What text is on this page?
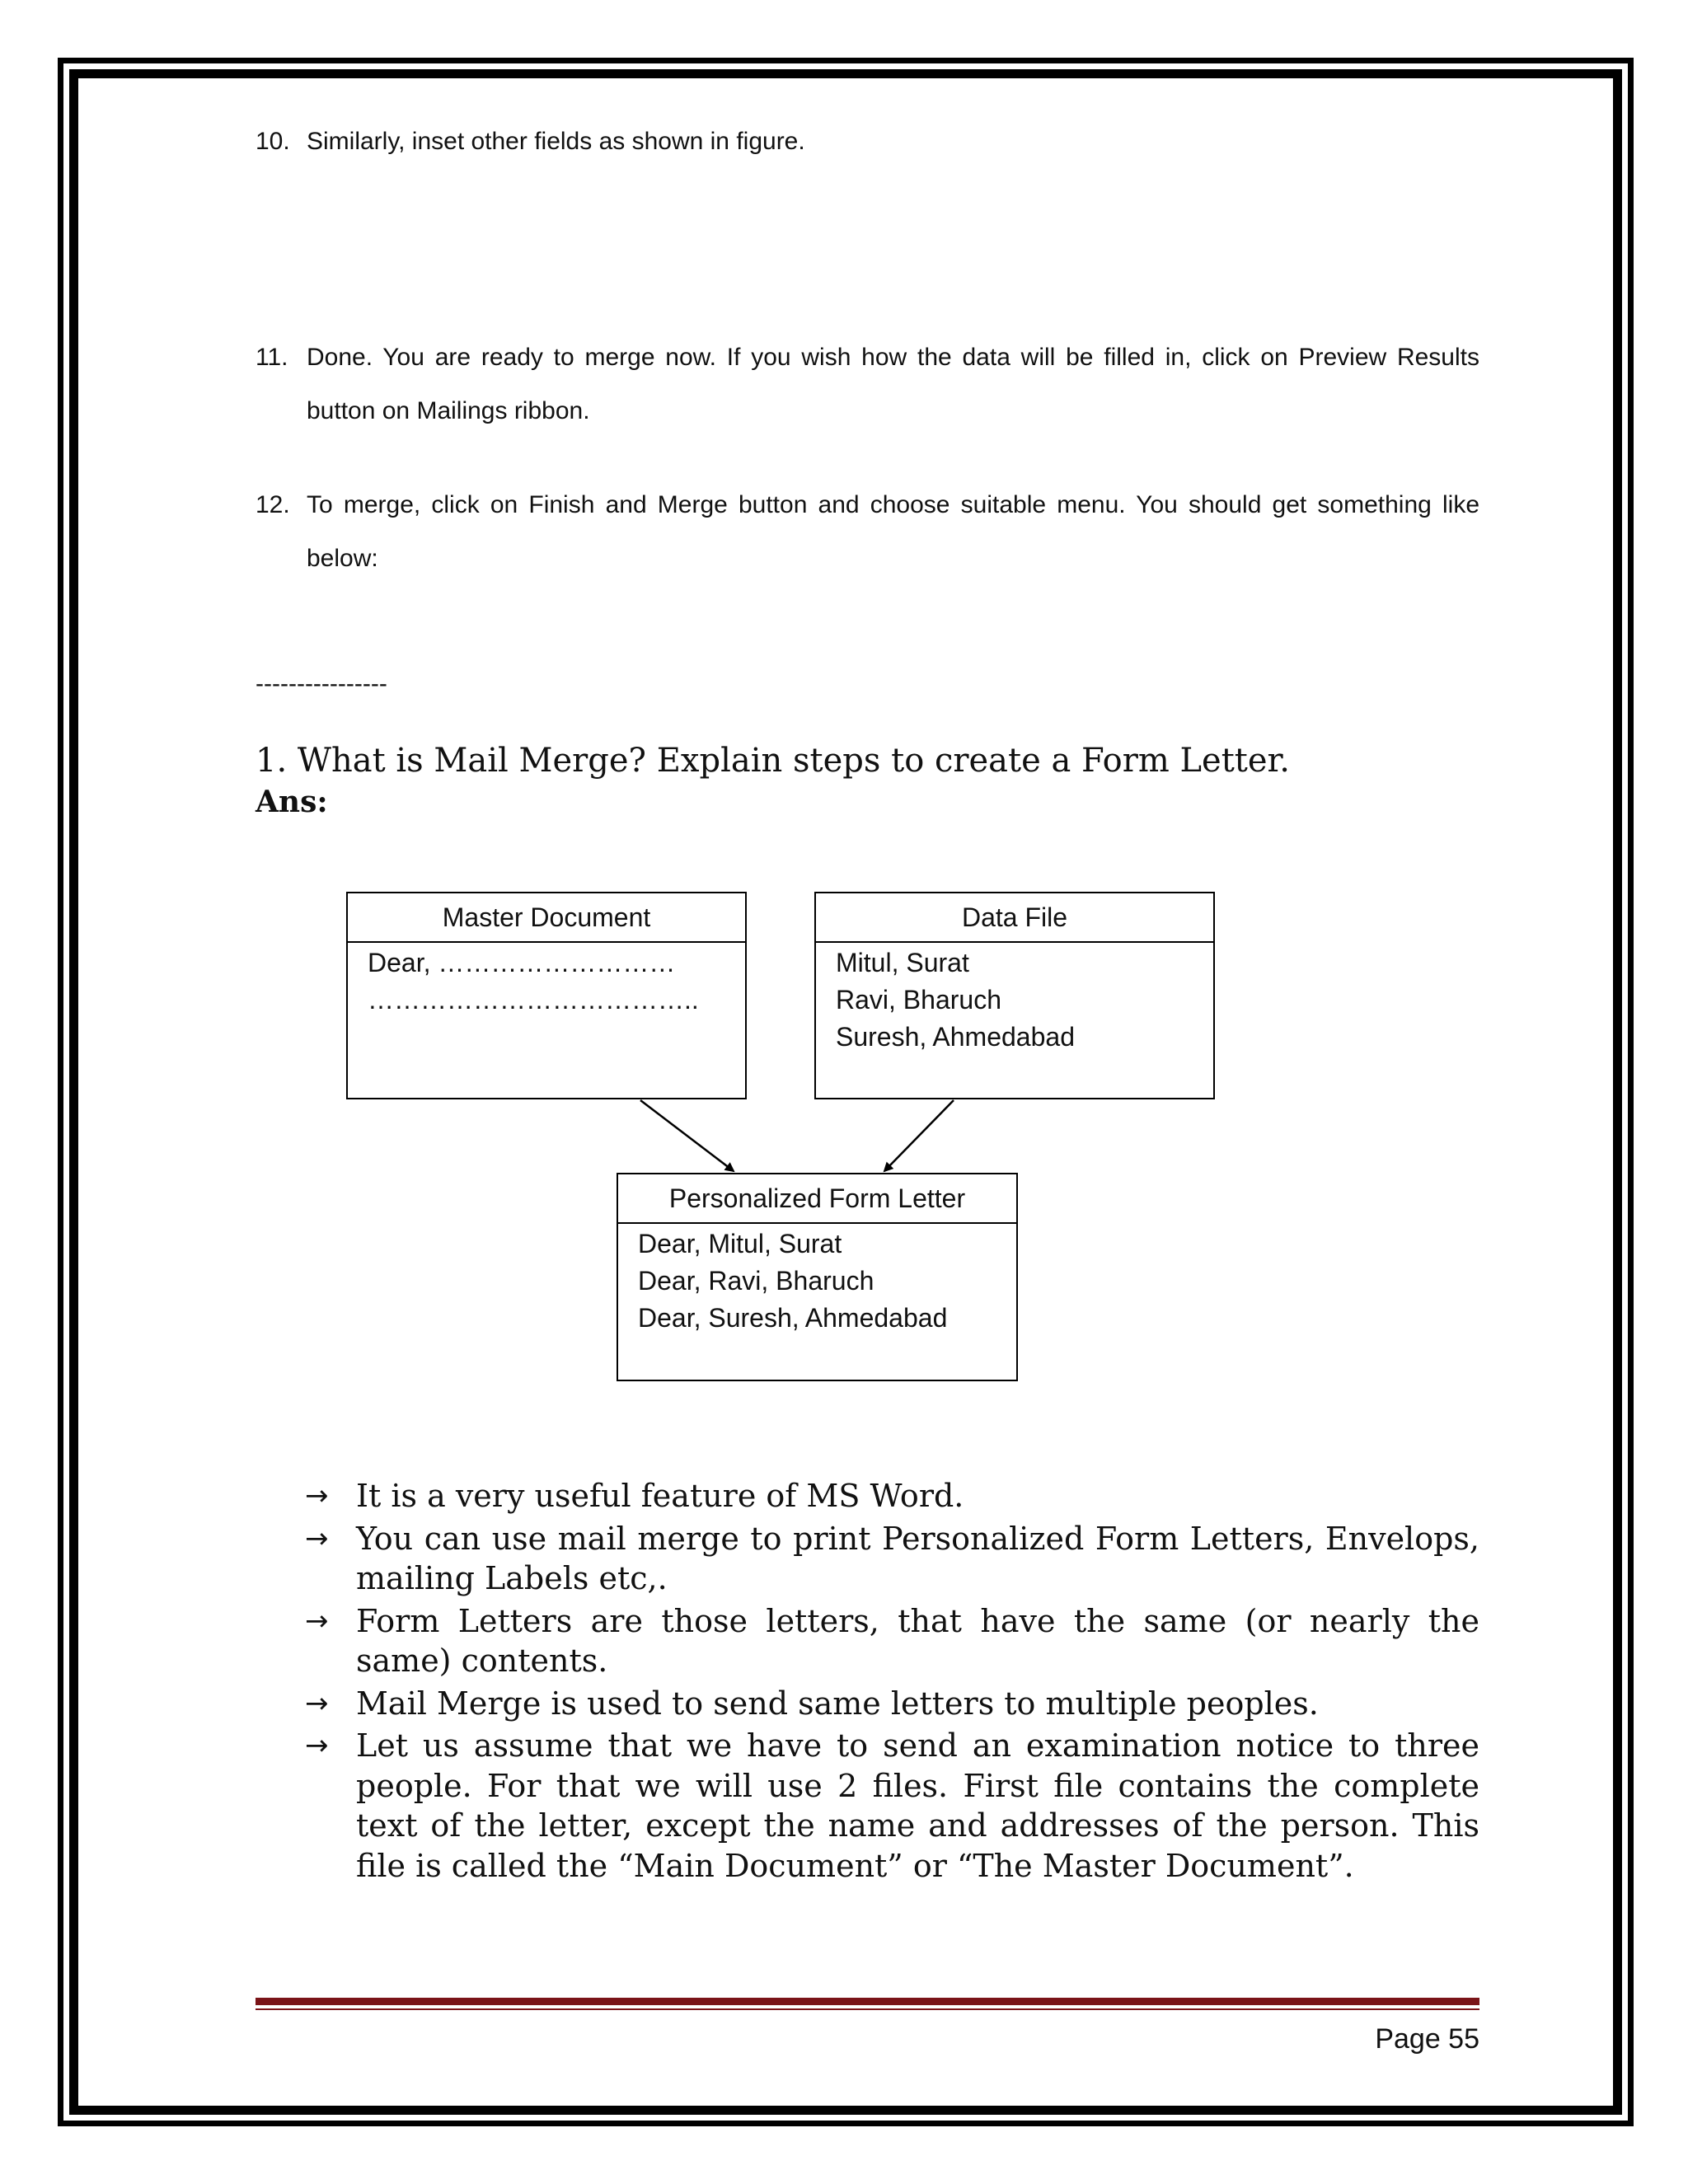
10. Similarly, inset other fields as shown in figure.
11. Done. You are ready to merge now. If you wish how the data will be filled in, click on Preview Results button on Mailings ribbon.
12. To merge, click on Finish and Merge button and choose suitable menu. You should get something like below:
----------------
1. What is Mail Merge? Explain steps to create a Form Letter.
Ans:
Master Document
Dear, ………………………
………………………………..
Data File
Mitul, Surat
Ravi, Bharuch
Suresh, Ahmedabad
Personalized Form Letter
Dear, Mitul, Surat
Dear, Ravi, Bharuch
Dear, Suresh, Ahmedabad
→ It is a very useful feature of MS Word.
→ You can use mail merge to print Personalized Form Letters, Envelops, mailing Labels etc,.
→ Form Letters are those letters, that have the same (or nearly the same) contents.
→ Mail Merge is used to send same letters to multiple peoples.
→ Let us assume that we have to send an examination notice to three people. For that we will use 2 files. First file contains the complete text of the letter, except the name and addresses of the person. This file is called the “Main Document” or “The Master Document”.
Page 55
